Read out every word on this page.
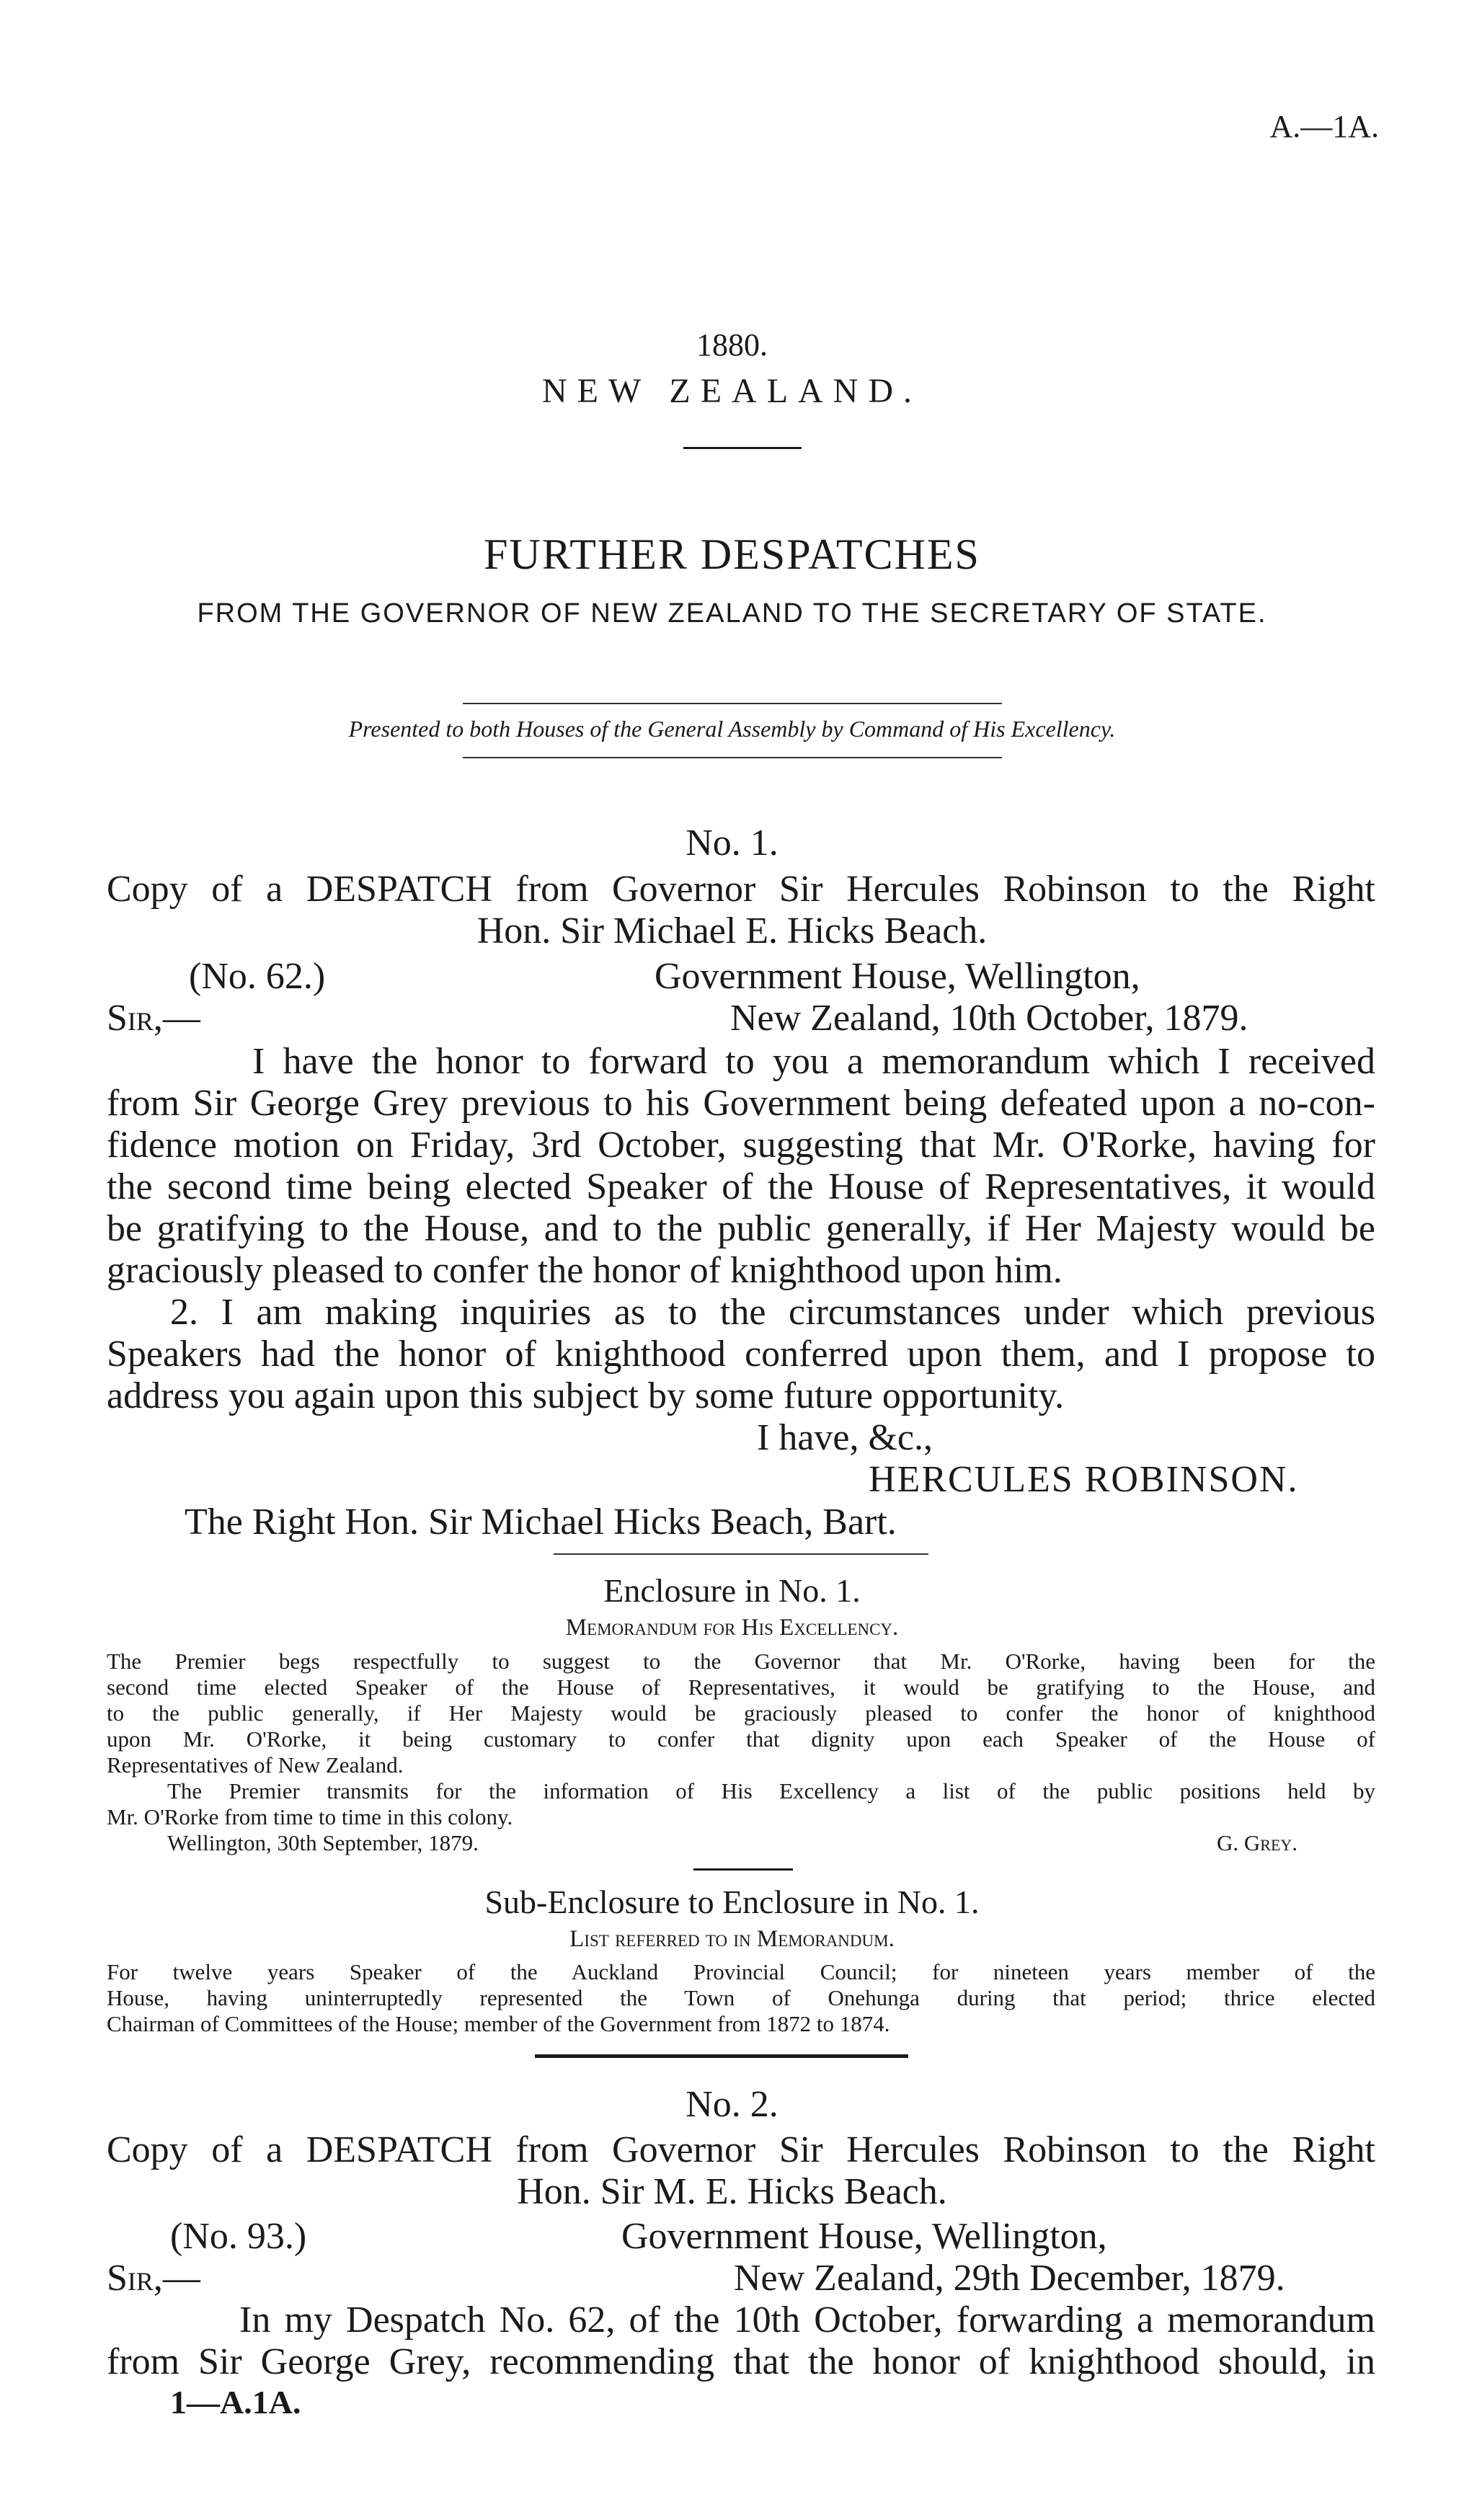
A.—1A.
1880.
NEW ZEALAND.
FURTHER DESPATCHES
FROM THE GOVERNOR OF NEW ZEALAND TO THE SECRETARY OF STATE.
Presented to both Houses of the General Assembly by Command of His Excellency.
No. 1.
Copy of a DESPATCH from Governor Sir Hercules Robinson to the Right
Hon. Sir Michael E. Hicks Beach.
(No. 62.)	Government House, Wellington,
Sir,—	New Zealand, 10th October, 1879.
I have the honor to forward to you a memorandum which I received
from Sir George Grey previous to his Government being defeated upon a no-con-
fidence motion on Friday, 3rd October, suggesting that Mr. O'Rorke, having for
the second time being elected Speaker of the House of Representatives, it would
be gratifying to the House, and to the public generally, if Her Majesty would be
graciously pleased to confer the honor of knighthood upon him.
2. I am making inquiries as to the circumstances under which previous
Speakers had the honor of knighthood conferred upon them, and I propose to
address you again upon this subject by some future opportunity.
I have, &c.,
HERCULES ROBINSON.
The Right Hon. Sir Michael Hicks Beach, Bart.
Enclosure in No. 1.
Memorandum for His Excellency.
The Premier begs respectfully to suggest to the Governor that Mr. O'Rorke, having been for the
second time elected Speaker of the House of Representatives, it would be gratifying to the House, and
to the public generally, if Her Majesty would be graciously pleased to confer the honor of knighthood
upon Mr. O'Rorke, it being customary to confer that dignity upon each Speaker of the House of
Representatives of New Zealand.
The Premier transmits for the information of His Excellency a list of the public positions held by
Mr. O'Rorke from time to time in this colony.
Wellington, 30th September, 1879.	G. Grey.
Sub-Enclosure to Enclosure in No. 1.
List referred to in Memorandum.
For twelve years Speaker of the Auckland Provincial Council; for nineteen years member of the
House, having uninterruptedly represented the Town of Onehunga during that period; thrice elected
Chairman of Committees of the House; member of the Government from 1872 to 1874.
No. 2.
Copy of a DESPATCH from Governor Sir Hercules Robinson to the Right
Hon. Sir M. E. Hicks Beach.
(No. 93.)	Government House, Wellington,
Sir,—	New Zealand, 29th December, 1879.
In my Despatch No. 62, of the 10th October, forwarding a memorandum
from Sir George Grey, recommending that the honor of knighthood should, in
1—A.1A.
